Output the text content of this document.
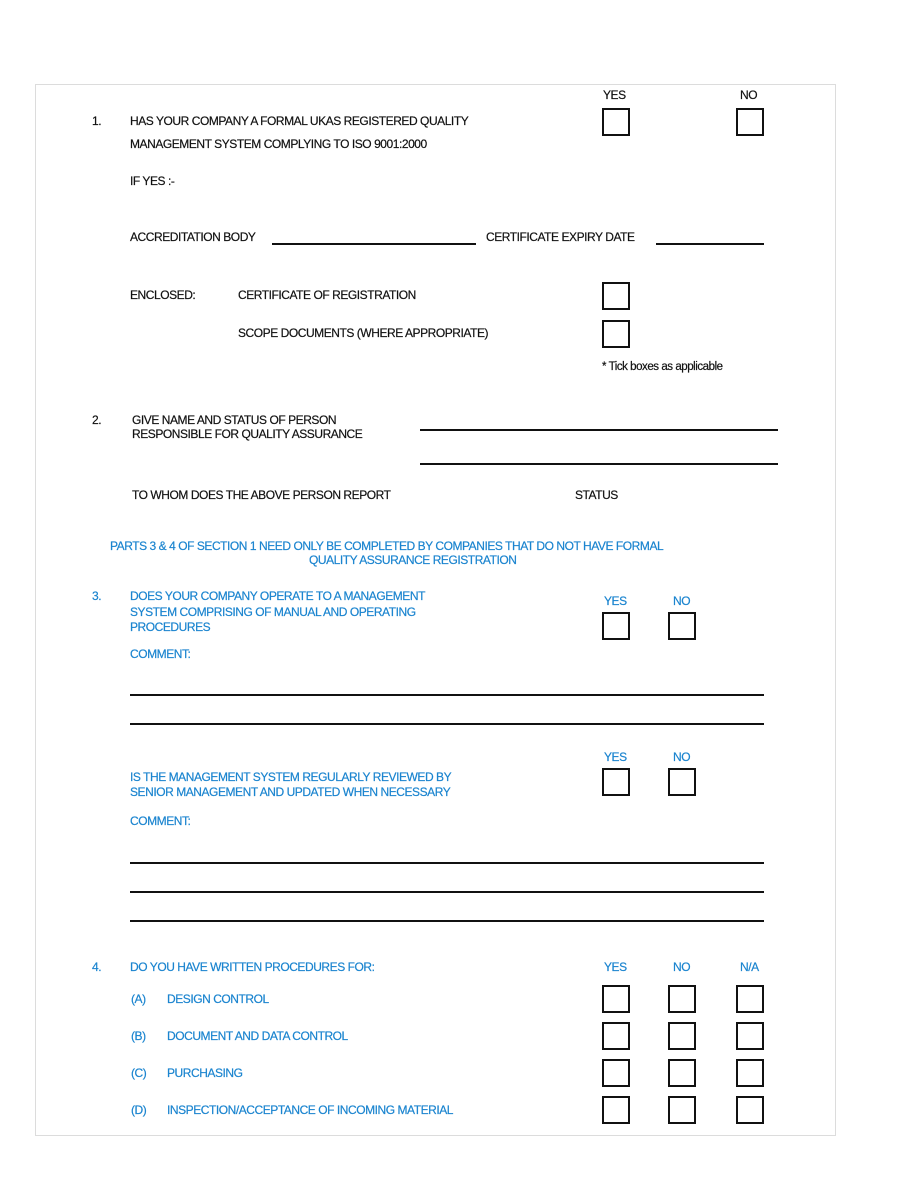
YES	NO
1. HAS YOUR COMPANY A FORMAL UKAS REGISTERED QUALITY
MANAGEMENT SYSTEM COMPLYING TO ISO 9001:2000
IF YES :-
ACCREDITATION BODY	CERTIFICATE EXPIRY DATE
ENCLOSED:	CERTIFICATE OF REGISTRATION
SCOPE DOCUMENTS (WHERE APPROPRIATE)
* Tick boxes as applicable
2.	GIVE NAME AND STATUS OF PERSON
RESPONSIBLE FOR QUALITY ASSURANCE
TO WHOM DOES THE ABOVE PERSON REPORT	STATUS
PARTS 3 & 4 OF SECTION 1 NEED ONLY BE COMPLETED BY COMPANIES THAT DO NOT HAVE FORMAL
QUALITY ASSURANCE REGISTRATION
3. DOES YOUR COMPANY OPERATE TO A MANAGEMENT
SYSTEM COMPRISING OF MANUAL AND OPERATING
PROCEDURES
YES	NO
COMMENT:
YES	NO
IS THE MANAGEMENT SYSTEM REGULARLY REVIEWED BY
SENIOR MANAGEMENT AND UPDATED WHEN NECESSARY
COMMENT:
4. DO YOU HAVE WRITTEN PROCEDURES FOR:	YES	NO	N/A
(A) DESIGN CONTROL
(B) DOCUMENT AND DATA CONTROL
(C) PURCHASING
(D) INSPECTION/ACCEPTANCE OF INCOMING MATERIAL
